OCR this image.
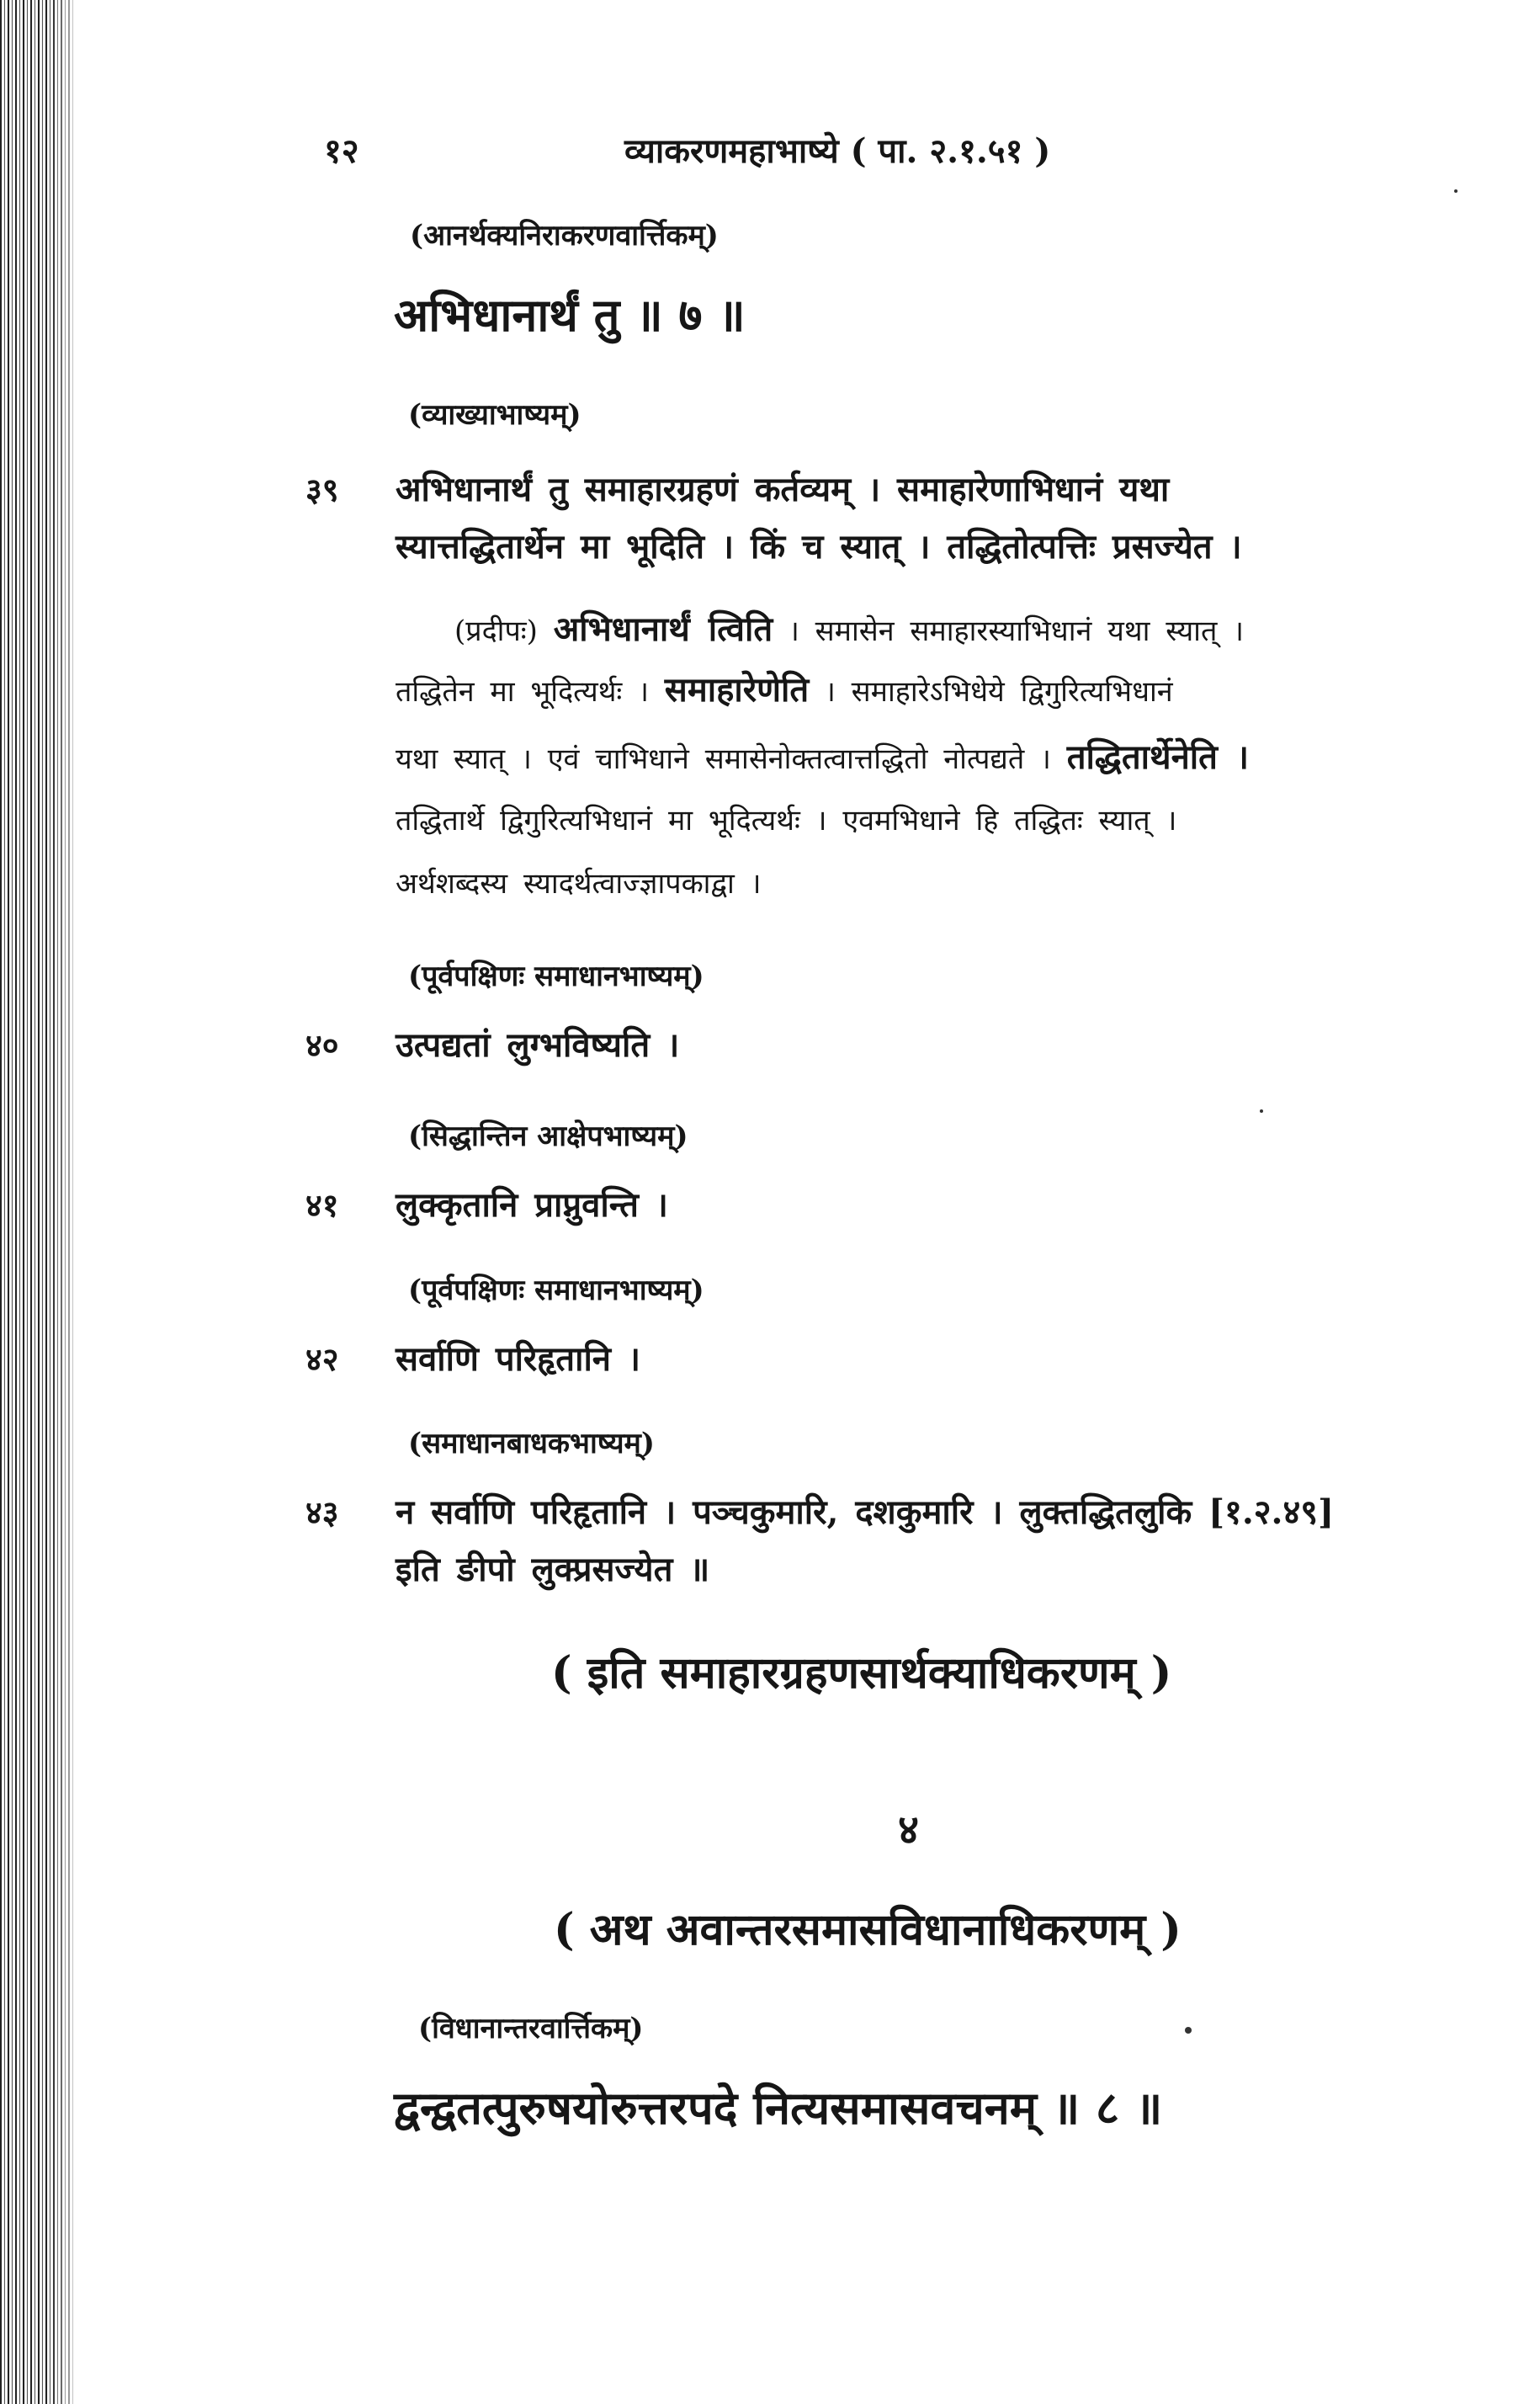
१२	व्याकरणमहाभाष्ये ( पा. २.१.५१ )
(आनर्थक्यनिराकरणवार्त्तिकम्)
अभिधानार्थं तु ॥ ७ ॥
(व्याख्याभाष्यम्)
३९ अभिधानार्थं तु समाहारग्रहणं कर्तव्यम् । समाहारेणाभिधानं यथा
स्यात्तद्धितार्थेन मा भूदिति । किं च स्यात् । तद्धितोत्पत्तिः प्रसज्येत ।
(प्रदीपः) अभिधानार्थं त्विति । समासेन समाहारस्याभिधानं यथा स्यात् ।
तद्धितेन मा भूदित्यर्थः । समाहारेणेति । समाहारेऽभिधेये द्विगुरित्यभिधानं
यथा स्यात् । एवं चाभिधाने समासेनोक्तत्वात्तद्धितो नोत्पद्यते । तद्धितार्थेनेति ।
तद्धितार्थे द्विगुरित्यभिधानं मा भूदित्यर्थः । एवमभिधाने हि तद्धितः स्यात् ।
अर्थशब्दस्य स्यादर्थत्वाज्ज्ञापकाद्वा ।
(पूर्वपक्षिणः समाधानभाष्यम्)
४० उत्पद्यतां लुग्भविष्यति ।
(सिद्धान्तिन आक्षेपभाष्यम्)
४१ लुक्कृतानि प्राप्नुवन्ति ।
(पूर्वपक्षिणः समाधानभाष्यम्)
४२ सर्वाणि परिहृतानि ।
(समाधानबाधकभाष्यम्)
४३ न सर्वाणि परिहृतानि । पञ्चकुमारि, दशकुमारि । लुक्तद्धितलुकि [१.२.४९]
इति ङीपो लुक्प्रसज्येत ॥
( इति समाहारग्रहणसार्थक्याधिकरणम् )
४
( अथ अवान्तरसमासविधानाधिकरणम् )
(विधानान्तरवार्त्तिकम्)
द्वन्द्वतत्पुरुषयोरुत्तरपदे नित्यसमासवचनम् ॥ ८ ॥
